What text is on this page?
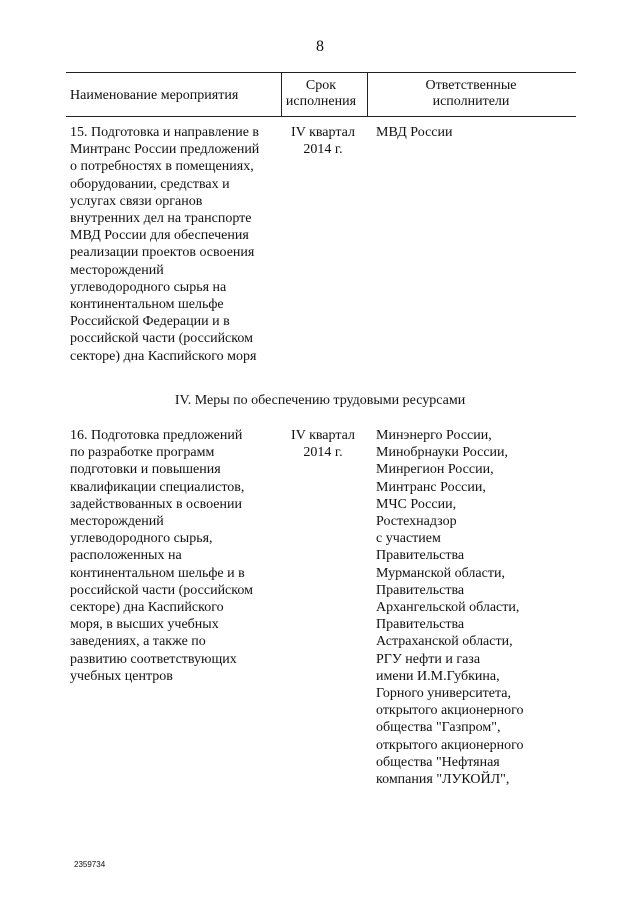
8
Наименование мероприятия
Срок
исполнения
Ответственные
исполнители
15. Подготовка и направление в
Минтранс России предложений
о потребностях в помещениях,
оборудовании, средствах и
услугах связи органов
внутренних дел на транспорте
МВД России для обеспечения
реализации проектов освоения
месторождений
углеводородного сырья на
континентальном шельфе
Российской Федерации и в
российской части (российском
секторе) дна Каспийского моря
IV квартал
2014 г.
МВД России
IV. Меры по обеспечению трудовыми ресурсами
16. Подготовка предложений
по разработке программ
подготовки и повышения
квалификации специалистов,
задействованных в освоении
месторождений
углеводородного сырья,
расположенных на
континентальном шельфе и в
российской части (российском
секторе) дна Каспийского
моря, в высших учебных
заведениях, а также по
развитию соответствующих
учебных центров
IV квартал
2014 г.
Минэнерго России,
Минобрнауки России,
Минрегион России,
Минтранс России,
МЧС России,
Ростехнадзор
с участием
Правительства
Мурманской области,
Правительства
Архангельской области,
Правительства
Астраханской области,
РГУ нефти и газа
имени И.М.Губкина,
Горного университета,
открытого акционерного
общества "Газпром",
открытого акционерного
общества "Нефтяная
компания "ЛУКОЙЛ",
2359734
